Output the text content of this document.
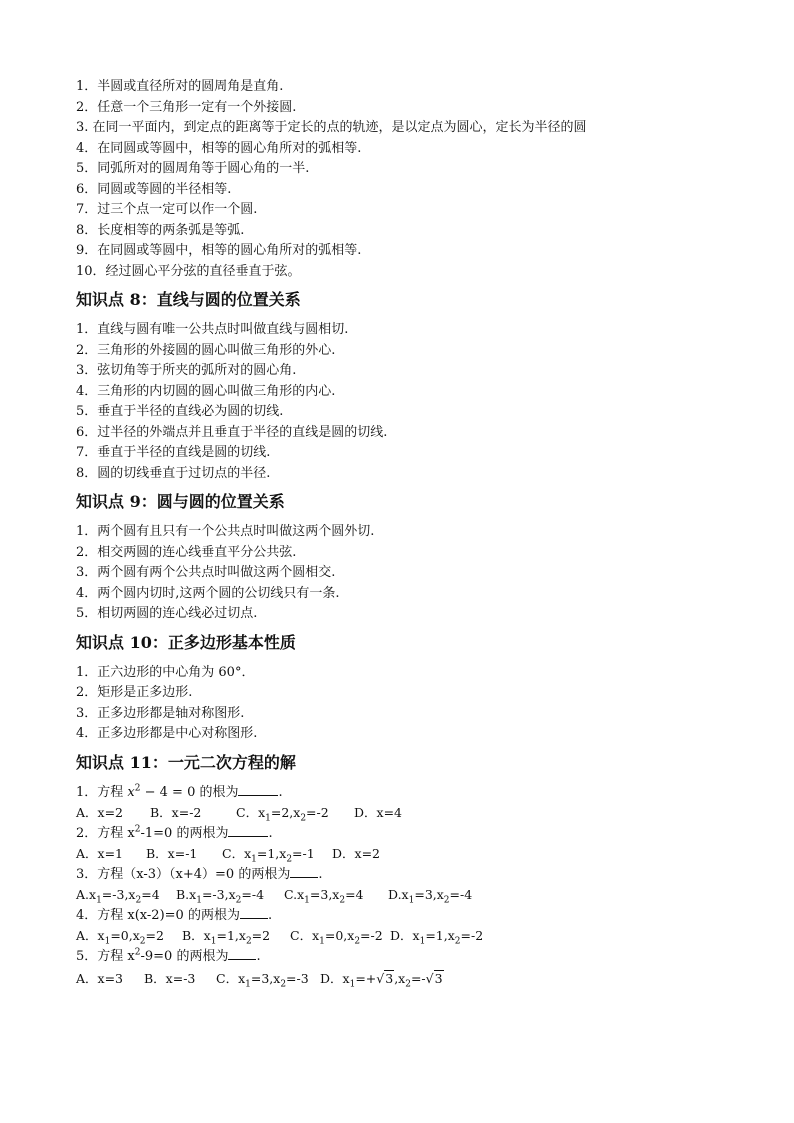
1．半圆或直径所对的圆周角是直角.
2．任意一个三角形一定有一个外接圆.
3. 在同一平面内，到定点的距离等于定长的点的轨迹，是以定点为圆心，定长为半径的圆
4．在同圆或等圆中，相等的圆心角所对的弧相等.
5．同弧所对的圆周角等于圆心角的一半.
6．同圆或等圆的半径相等.
7．过三个点一定可以作一个圆.
8．长度相等的两条弧是等弧.
9．在同圆或等圆中，相等的圆心角所对的弧相等.
10．经过圆心平分弦的直径垂直于弦。
知识点 8：直线与圆的位置关系
1．直线与圆有唯一公共点时叫做直线与圆相切.
2．三角形的外接圆的圆心叫做三角形的外心.
3．弦切角等于所夹的弧所对的圆心角.
4．三角形的内切圆的圆心叫做三角形的内心.
5．垂直于半径的直线必为圆的切线.
6．过半径的外端点并且垂直于半径的直线是圆的切线.
7．垂直于半径的直线是圆的切线.
8．圆的切线垂直于过切点的半径.
知识点 9：圆与圆的位置关系
1．两个圆有且只有一个公共点时叫做这两个圆外切.
2．相交两圆的连心线垂直平分公共弦.
3．两个圆有两个公共点时叫做这两个圆相交.
4．两个圆内切时,这两个圆的公切线只有一条.
5．相切两圆的连心线必过切点.
知识点 10：正多边形基本性质
1．正六边形的中心角为 60°．
2．矩形是正多边形.
3．正多边形都是轴对称图形.
4．正多边形都是中心对称图形.
知识点 11：一元二次方程的解
1．方程 $x^2 - 4 = 0$ 的根为	.
A．x=2 B．x=-2	C．$x_1=2,x_2=-2$ D．x=4
2．方程 $x^2-1=0$ 的两根为	.
A．x=1 B．x=-1 C．$x_1=1,x_2=-1$ D．x=2
3．方程（x-3）（x+4）=0 的两根为 .
$A.x_1=-3,x_2=4$ $B.x_1=-3,x_2=-4$ $C.x_1=3,x_2=4$ $D.x_1=3,x_2=-4$
4．方程 x(x-2)=0 的两根为 .
A．$x_1=0,x_2=2$ B．$x_1=1,x_2=2$ C．$x_1=0,x_2=-2$ D．$x_1=1,x_2=-2$
5．方程 $x^2-9=0$ 的两根为 .
A．x=3 B．x=-3 C．$x_1=3,x_2=-3$ D．$x_1=+√3,x_2=-√3$
